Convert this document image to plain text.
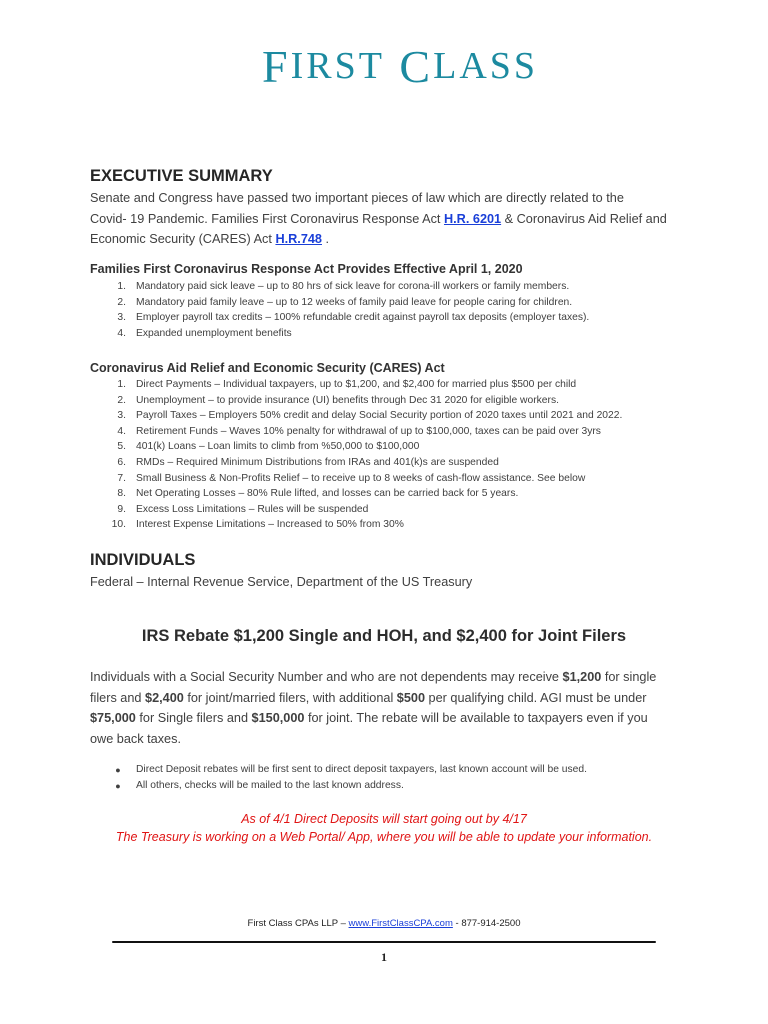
F IRST
C LASS
EXECUTIVE SUMMARY
Senate and Congress have passed two important pieces of law which are directly related to the
Covid- 19 Pandemic. Families First Coronavirus Response Act H.R. 6201 & Coronavirus Aid Relief and
Economic Security (CARES) Act H.R.748 .
Families First Coronavirus Response Act Provides Effective April 1, 2020
1. Mandatory paid sick leave – up to 80 hrs of sick leave for corona-ill workers or family members.
2. Mandatory paid family leave – up to 12 weeks of family paid leave for people caring for children.
3. Employer payroll tax credits – 100% refundable credit against payroll tax deposits (employer taxes).
4. Expanded unemployment benefits
Coronavirus Aid Relief and Economic Security (CARES) Act
1. Direct Payments – Individual taxpayers, up to $1,200, and $2,400 for married plus $500 per child
2. Unemployment – to provide insurance (UI) benefits through Dec 31 2020 for eligible workers.
3. Payroll Taxes – Employers 50% credit and delay Social Security portion of 2020 taxes until 2021 and 2022.
4. Retirement Funds – Waves 10% penalty for withdrawal of up to $100,000, taxes can be paid over 3yrs
5. 401(k) Loans – Loan limits to climb from %50,000 to $100,000
6. RMDs – Required Minimum Distributions from IRAs and 401(k)s are suspended
7. Small Business & Non-Profits Relief – to receive up to 8 weeks of cash-flow assistance. See below
8. Net Operating Losses – 80% Rule lifted, and losses can be carried back for 5 years.
9. Excess Loss Limitations – Rules will be suspended
10. Interest Expense Limitations – Increased to 50% from 30%
INDIVIDUALS
Federal – Internal Revenue Service, Department of the US Treasury
IRS Rebate $1,200 Single and HOH, and $2,400 for Joint Filers
Individuals with a Social Security Number and who are not dependents may receive $1,200 for single
filers and $2,400 for joint/married filers, with additional $500 per qualifying child. AGI must be under
$75,000 for Single filers and $150,000 for joint. The rebate will be available to taxpayers even if you
owe back taxes.
●	Direct Deposit rebates will be first sent to direct deposit taxpayers, last known account will be used.
●	All others, checks will be mailed to the last known address.
As of 4/1 Direct Deposits will start going out by 4/17
The Treasury is working on a Web Portal/ App, where you will be able to update your information.
First Class CPAs LLP – www.FirstClassCPA.com - 877-914-2500
1
